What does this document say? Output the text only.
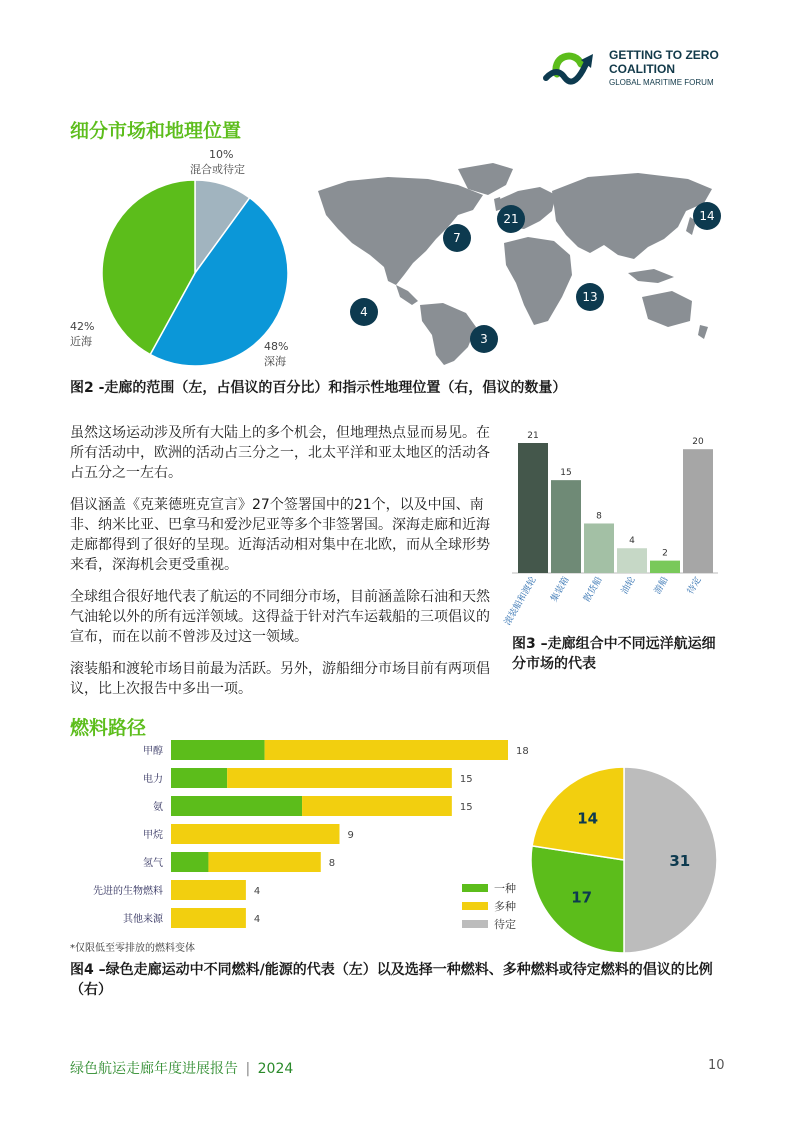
GETTING TO ZERO
COALITION
GLOBAL MARITIME FORUM
细分市场和地理位置
10%
混合或待定
48%
深海
42%
近海
21	14
7
4
3
13
图2 -走廊的范围（左，占倡议的百分比）和指示性地理位置（右，倡议的数量）

虽然这场运动涉及所有大陆上的多个机会，但地理热点显而易见。在所有活动中，欧洲的活动占三分之一，北太平洋和亚太地区的活动各占五分之一左右。

倡议涵盖《克莱德班克宣言》27个签署国中的21个，以及中国、南非、纳米比亚、巴拿马和爱沙尼亚等多个非签署国。深海走廊和近海走廊都得到了很好的呈现。近海活动相对集中在北欧，而从全球形势来看，深海机会更受重视。

全球组合很好地代表了航运的不同细分市场，目前涵盖除石油和天然气油轮以外的所有远洋领域。这得益于针对汽车运载船的三项倡议的宣布，而在以前不曾涉及过这一领域。

滚装船和渡轮市场目前最为活跃。另外，游船细分市场目前有两项倡议，比上次报告中多出一项。

21
滚装船和渡轮
15
集装箱
8
散货船
4
油轮
2
游船
20
待定
图3 –走廊组合中不同远洋航运细分市场的代表
燃料路径
甲醇	18
电力	15
氨	15
甲烷	9
氢气	8
先进的生物燃料	4
其他来源	4
*仅限低至零排放的燃料变体
31
17
14
一种
多种
待定
图4 –绿色走廊运动中不同燃料/能源的代表（左）以及选择一种燃料、多种燃料或待定燃料的倡议的比例（右）
绿色航运走廊年度进展报告 | 2024	10
